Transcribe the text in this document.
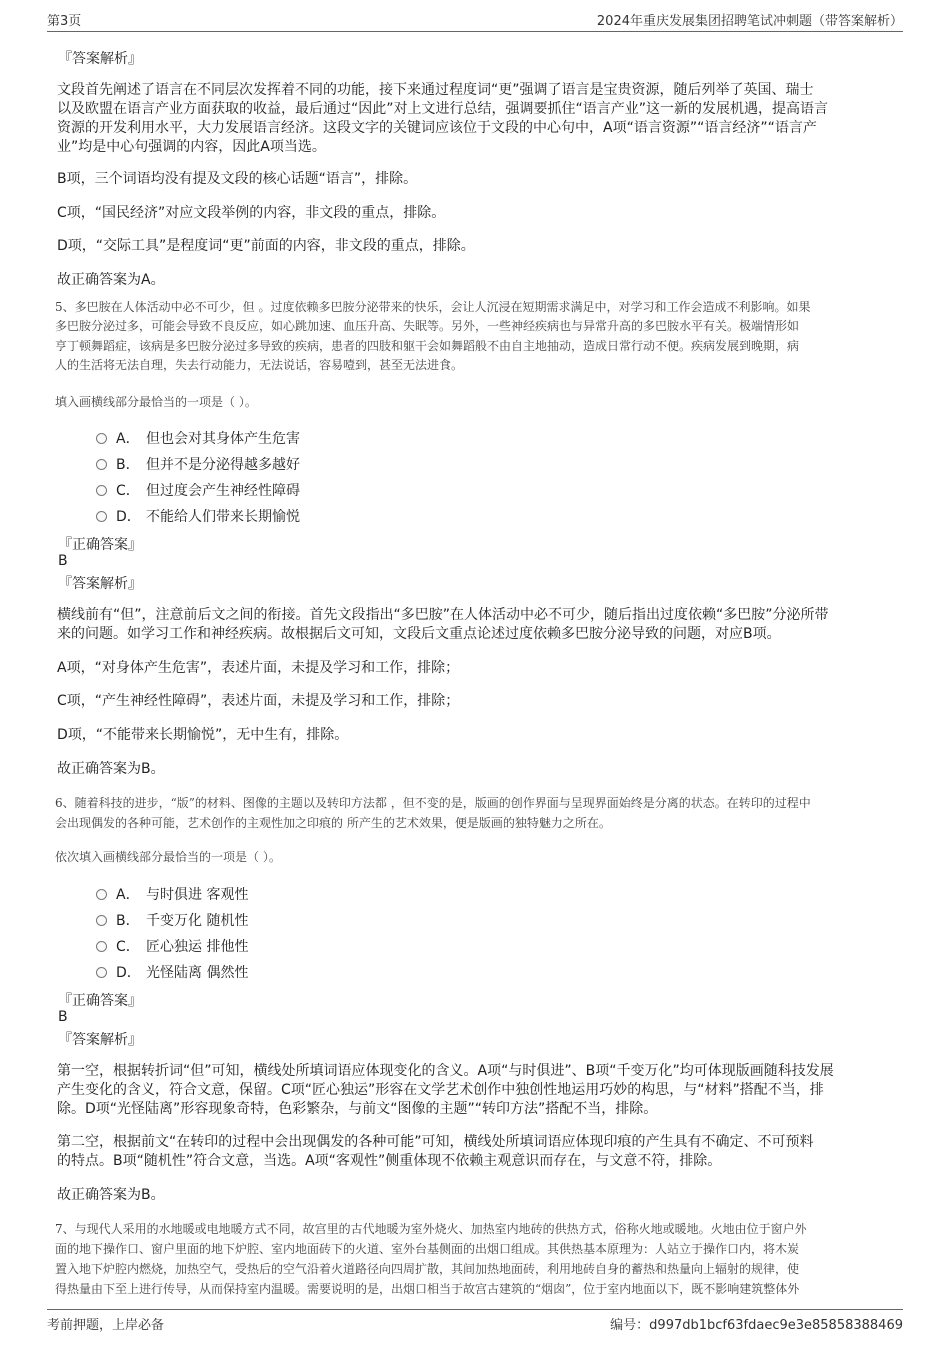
第3页	2024年重庆发展集团招聘笔试冲刺题（带答案解析）
『答案解析』
文段首先阐述了语言在不同层次发挥着不同的功能，接下来通过程度词“更”强调了语言是宝贵资源，随后列举了英国、瑞士
以及欧盟在语言产业方面获取的收益，最后通过“因此”对上文进行总结，强调要抓住“语言产业”这一新的发展机遇，提高语言
资源的开发利用水平，大力发展语言经济。这段文字的关键词应该位于文段的中心句中，A项“语言资源”“语言经济”“语言产
业”均是中心句强调的内容，因此A项当选。
B项，三个词语均没有提及文段的核心话题“语言”，排除。
C项，“国民经济”对应文段举例的内容，非文段的重点，排除。
D项，“交际工具”是程度词“更”前面的内容，非文段的重点，排除。
故正确答案为A。
5、多巴胺在人体活动中必不可少，但 。过度依赖多巴胺分泌带来的快乐，会让人沉浸在短期需求满足中，对学习和工作会造成不利影响。如果
多巴胺分泌过多，可能会导致不良反应，如心跳加速、血压升高、失眠等。另外，一些神经疾病也与异常升高的多巴胺水平有关。极端情形如
亨丁顿舞蹈症，该病是多巴胺分泌过多导致的疾病，患者的四肢和躯干会如舞蹈般不由自主地抽动，造成日常行动不便。疾病发展到晚期，病
人的生活将无法自理，失去行动能力，无法说话，容易噎到，甚至无法进食。
填入画横线部分最恰当的一项是（ ）。
A． 但也会对其身体产生危害
B． 但并不是分泌得越多越好
C． 但过度会产生神经性障碍
D． 不能给人们带来长期愉悦
『正确答案』
B
『答案解析』
横线前有“但”，注意前后文之间的衔接。首先文段指出“多巴胺”在人体活动中必不可少，随后指出过度依赖“多巴胺”分泌所带
来的问题。如学习工作和神经疾病。故根据后文可知，文段后文重点论述过度依赖多巴胺分泌导致的问题，对应B项。
A项，“对身体产生危害”，表述片面，未提及学习和工作，排除；
C项，“产生神经性障碍”，表述片面，未提及学习和工作，排除；
D项，“不能带来长期愉悦”，无中生有，排除。
故正确答案为B。
6、随着科技的进步，“版”的材料、图像的主题以及转印方法都 ，但不变的是，版画的创作界面与呈现界面始终是分离的状态。在转印的过程中
会出现偶发的各种可能，艺术创作的主观性加之印痕的 所产生的艺术效果，便是版画的独特魅力之所在。
依次填入画横线部分最恰当的一项是（ ）。
A． 与时俱进 客观性
B． 千变万化 随机性
C． 匠心独运 排他性
D． 光怪陆离 偶然性
『正确答案』
B
『答案解析』
第一空，根据转折词“但”可知，横线处所填词语应体现变化的含义。A项“与时俱进”、B项“千变万化”均可体现版画随科技发展
产生变化的含义，符合文意，保留。C项“匠心独运”形容在文学艺术创作中独创性地运用巧妙的构思，与“材料”搭配不当，排
除。D项“光怪陆离”形容现象奇特，色彩繁杂，与前文“图像的主题”“转印方法”搭配不当，排除。
第二空，根据前文“在转印的过程中会出现偶发的各种可能”可知，横线处所填词语应体现印痕的产生具有不确定、不可预料
的特点。B项“随机性”符合文意，当选。A项“客观性”侧重体现不依赖主观意识而存在，与文意不符，排除。
故正确答案为B。
7、与现代人采用的水地暖或电地暖方式不同，故宫里的古代地暖为室外烧火、加热室内地砖的供热方式，俗称火地或暖地。火地由位于窗户外
面的地下操作口、窗户里面的地下炉腔、室内地面砖下的火道、室外台基侧面的出烟口组成。其供热基本原理为：人站立于操作口内，将木炭
置入地下炉腔内燃烧，加热空气，受热后的空气沿着火道路径向四周扩散，其间加热地面砖，利用地砖自身的蓄热和热量向上辐射的规律，使
得热量由下至上进行传导，从而保持室内温暖。需要说明的是，出烟口相当于故宫古建筑的“烟囱”，位于室内地面以下，既不影响建筑整体外
考前押题，上岸必备	编号：d997db1bcf63fdaec9e3e85858388469
